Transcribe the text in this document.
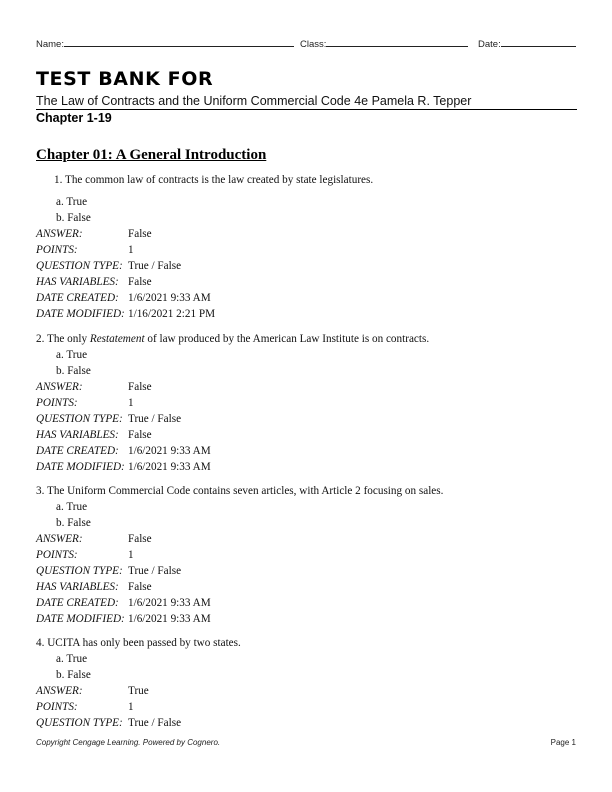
Name:	Class:	Date:
TEST BANK FOR
The Law of Contracts and the Uniform Commercial Code 4e Pamela R. Tepper
Chapter 1-19
Chapter 01: A General Introduction
1. The common law of contracts is the law created by state legislatures.
a. True
b. False
ANSWER:	False
POINTS:	1
QUESTION TYPE: True / False
HAS VARIABLES: False
DATE CREATED: 1/6/2021 9:33 AM
DATE MODIFIED: 1/16/2021 2:21 PM
2. The only Restatement of law produced by the American Law Institute is on contracts.
a. True
b. False
ANSWER:	False
POINTS:	1
QUESTION TYPE: True / False
HAS VARIABLES: False
DATE CREATED: 1/6/2021 9:33 AM
DATE MODIFIED: 1/6/2021 9:33 AM
3. The Uniform Commercial Code contains seven articles, with Article 2 focusing on sales.
a. True
b. False
ANSWER:	False
POINTS:	1
QUESTION TYPE: True / False
HAS VARIABLES: False
DATE CREATED: 1/6/2021 9:33 AM
DATE MODIFIED: 1/6/2021 9:33 AM
4. UCITA has only been passed by two states.
a. True
b. False
ANSWER:	True
POINTS:	1
QUESTION TYPE: True / False
Copyright Cengage Learning. Powered by Cognero.	Page 1
